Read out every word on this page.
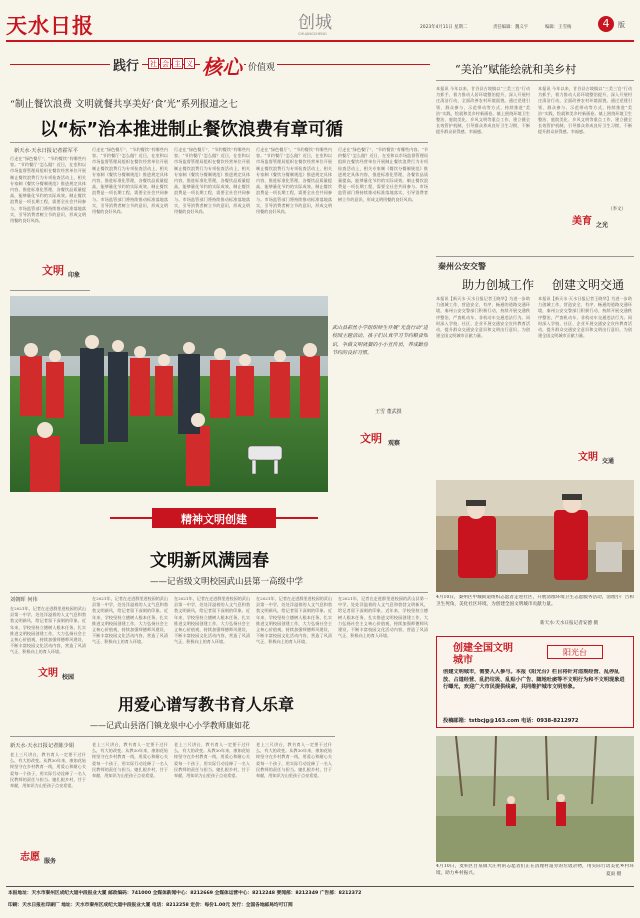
天水日报	创城
CHUANGCHENG
2023年4月11日 星期二	责任编辑：魏义宇	编辑：王雪梅	4	版
践行	社 会 主 义 核心 价值观
“制止餐饮浪费 文明就餐共享美好‘食’光”系列报道之七
以“标”治本推进制止餐饮浪费有章可循
新天水·天水日报记者霍军平
行走在“绿色餐厅”、“节约餐饮”有哪些内容。“节约餐厅”怎么做？近日，在室和以市场监督管理局组织在餐饮经营单位开展制止餐饮浪费行为专项检查活动上，相关专家制《餐饮分餐制规范》推进规定具体内容，推进标准化管理，各餐饮品质量提高，能够量化节约的实际成效。制止餐饮浪费是一项长期工程，需要全社会共同参与。市场监管部门将持续推动标准落地落实，引导消费者树立节约意识，形成文明用餐的良好风尚。
行走在“绿色餐厅”、“节约餐饮”有哪些内容。“节约餐厅”怎么做？近日，在室和以市场监督管理局组织在餐饮经营单位开展制止餐饮浪费行为专项检查活动上，相关专家制《餐饮分餐制规范》推进规定具体内容，推进标准化管理，各餐饮品质量提高，能够量化节约的实际成效。制止餐饮浪费是一项长期工程，需要全社会共同参与。市场监管部门将持续推动标准落地落实，引导消费者树立节约意识，形成文明用餐的良好风尚。
行走在“绿色餐厅”、“节约餐饮”有哪些内容。“节约餐厅”怎么做？近日，在室和以市场监督管理局组织在餐饮经营单位开展制止餐饮浪费行为专项检查活动上，相关专家制《餐饮分餐制规范》推进规定具体内容，推进标准化管理，各餐饮品质量提高，能够量化节约的实际成效。制止餐饮浪费是一项长期工程，需要全社会共同参与。市场监管部门将持续推动标准落地落实，引导消费者树立节约意识，形成文明用餐的良好风尚。
行走在“绿色餐厅”、“节约餐饮”有哪些内容。“节约餐厅”怎么做？近日，在室和以市场监督管理局组织在餐饮经营单位开展制止餐饮浪费行为专项检查活动上，相关专家制《餐饮分餐制规范》推进规定具体内容，推进标准化管理，各餐饮品质量提高，能够量化节约的实际成效。制止餐饮浪费是一项长期工程，需要全社会共同参与。市场监管部门将持续推动标准落地落实，引导消费者树立节约意识，形成文明用餐的良好风尚。
行走在“绿色餐厅”、“节约餐饮”有哪些内容。“节约餐厅”怎么做？近日，在室和以市场监督管理局组织在餐饮经营单位开展制止餐饮浪费行为专项检查活动上，相关专家制《餐饮分餐制规范》推进规定具体内容，推进标准化管理，各餐饮品质量提高，能够量化节约的实际成效。制止餐饮浪费是一项长期工程，需要全社会共同参与。市场监管部门将持续推动标准落地落实，引导消费者树立节约意识，形成文明用餐的良好风尚。
文明 印象
武山县彩丝小学组织师生开展“光盘行动”进校园主题活动，孩子们认真学习节约粮食知识，争做文明就餐的小小宣传员，养成勤俭节约的良好习惯。
王雪 董武摄
文明 观察
“美治”赋能绘就和美乡村
本报讯 今年以来，甘谷县古坡镇以“三美三宜”行动为抓手，着力推动人居环境整治提升，深入开展村庄清洁行动，全面改善农村环境面貌。通过党建引领、群众参与、示范带动等方式，持续推进“美治”实践，绘就和美乡村新画卷。镇上围绕环境卫生整治、庭院美化、乡风文明等重点工作，建立健全长效管护机制，引导群众养成良好卫生习惯，不断提升群众获得感、幸福感。
本报讯 今年以来，甘谷县古坡镇以“三美三宜”行动为抓手，着力推动人居环境整治提升，深入开展村庄清洁行动，全面改善农村环境面貌。通过党建引领、群众参与、示范带动等方式，持续推进“美治”实践，绘就和美乡村新画卷。镇上围绕环境卫生整治、庭院美化、乡风文明等重点工作，建立健全长效管护机制，引导群众养成良好卫生习惯，不断提升群众获得感、幸福感。
（李文）
美育 之光
秦州公安交警
助力创城工作 创建文明交通
本报讯【新天水·天水日报记者王晓华】为进一步助力创城工作，营造安全、有序、畅通的道路交通环境，秦州公安交警部门积极行动，持续开展交通秩序整治，严查机动车、非机动车交通违法行为。同时深入学校、社区、企业开展交通安全宣传教育活动，提升群众交通安全意识和文明出行意识，为创建全国文明城市贡献力量。
本报讯【新天水·天水日报记者王晓华】为进一步助力创城工作，营造安全、有序、畅通的道路交通环境，秦州公安交警部门积极行动，持续开展交通秩序整治，严查机动车、非机动车交通违法行为。同时深入学校、社区、企业开展交通安全宣传教育活动，提升群众交通安全意识和文明出行意识，为创建全国文明城市贡献力量。
文明 交通
4月10日，秦州区中城街道组织志愿者走进社区，开展清理环境卫生志愿服务活动，清理小广告和卫生死角，美化社区环境，为创建全国文明城市贡献力量。
新天水·天水日报记者安德 摄
创建全国文明城市
阳光台
创建文明城市，需要人人参与。本报《阳光台》栏目将针对违规经营、乱停乱放、占道经营、乱扔垃圾、乱贴小广告、随地吐痰等不文明行为和不文明现象进行曝光，欢迎广大市民提供线索，共同维护城市文明形象。
投稿邮箱：tstbcjg@163.com 电话：0938-8212972
4月10日，麦积区甘泉镇大庄村的志愿者们正在清理村道旁的垃圾杂物，用实际行动美化乡村环境，助力乡村振兴。	夏雨 摄
精神文明创建
文明新风满园春
——记省级文明校园武山县第一高级中学
刘朝晖 何伟
在2021年，记者在走进群里进校园的武山县第一中学，处处洋溢着的人文气息和勃勃文明新风，给记者留下深刻的印象。近年来，学校坚持立德树人根本任务，扎实推进文明校园创建工作，大力弘扬社会主义核心价值观，持续加强师德师风建设，不断丰富校园文化活动内容，营造了风清气正、积极向上的育人环境。
文明 校园
在2021年，记者在走进群里进校园的武山县第一中学，处处洋溢着的人文气息和勃勃文明新风，给记者留下深刻的印象。近年来，学校坚持立德树人根本任务，扎实推进文明校园创建工作，大力弘扬社会主义核心价值观，持续加强师德师风建设，不断丰富校园文化活动内容，营造了风清气正、积极向上的育人环境。
在2021年，记者在走进群里进校园的武山县第一中学，处处洋溢着的人文气息和勃勃文明新风，给记者留下深刻的印象。近年来，学校坚持立德树人根本任务，扎实推进文明校园创建工作，大力弘扬社会主义核心价值观，持续加强师德师风建设，不断丰富校园文化活动内容，营造了风清气正、积极向上的育人环境。
在2021年，记者在走进群里进校园的武山县第一中学，处处洋溢着的人文气息和勃勃文明新风，给记者留下深刻的印象。近年来，学校坚持立德树人根本任务，扎实推进文明校园创建工作，大力弘扬社会主义核心价值观，持续加强师德师风建设，不断丰富校园文化活动内容，营造了风清气正、积极向上的育人环境。
在2021年，记者在走进群里进校园的武山县第一中学，处处洋溢着的人文气息和勃勃文明新风，给记者留下深刻的印象。近年来，学校坚持立德树人根本任务，扎实推进文明校园创建工作，大力弘扬社会主义核心价值观，持续加强师德师风建设，不断丰富校园文化活动内容，营造了风清气正、积极向上的育人环境。
用爱心谱写教书育人乐章
——记武山县洛门镇龙泉中心小学教师康如花
新天水·天水日报记者陈少娟
老上三尺讲台，教书育人一定要干过什么，有大的改变。从教30年来，康如花始终坚守在乡村教育一线，用爱心和耐心关爱每一个孩子，用实际行动诠释了一名人民教师的责任与担当。她扎根乡村，甘于奉献，用知识为山里孩子点亮希望。
志愿 服务
老上三尺讲台，教书育人一定要干过什么，有大的改变。从教30年来，康如花始终坚守在乡村教育一线，用爱心和耐心关爱每一个孩子，用实际行动诠释了一名人民教师的责任与担当。她扎根乡村，甘于奉献，用知识为山里孩子点亮希望。
老上三尺讲台，教书育人一定要干过什么，有大的改变。从教30年来，康如花始终坚守在乡村教育一线，用爱心和耐心关爱每一个孩子，用实际行动诠释了一名人民教师的责任与担当。她扎根乡村，甘于奉献，用知识为山里孩子点亮希望。
老上三尺讲台，教书育人一定要干过什么，有大的改变。从教30年来，康如花始终坚守在乡村教育一线，用爱心和耐心关爱每一个孩子，用实际行动诠释了一名人民教师的责任与担当。她扎根乡村，甘于奉献，用知识为山里孩子点亮希望。
本报地址：天水市秦州区成纪大道中段报业大厦 邮政编码：741000 全媒体新闻中心：8212669 全媒体运营中心：8212248 要闻部：8212349 广告部：8212372
印刷：天水日报社印刷厂 地址：天水市秦州区成纪大道中段报业大厦 电话：8212258 定价：每份1.00元 发行：全国各地邮局均可订阅
